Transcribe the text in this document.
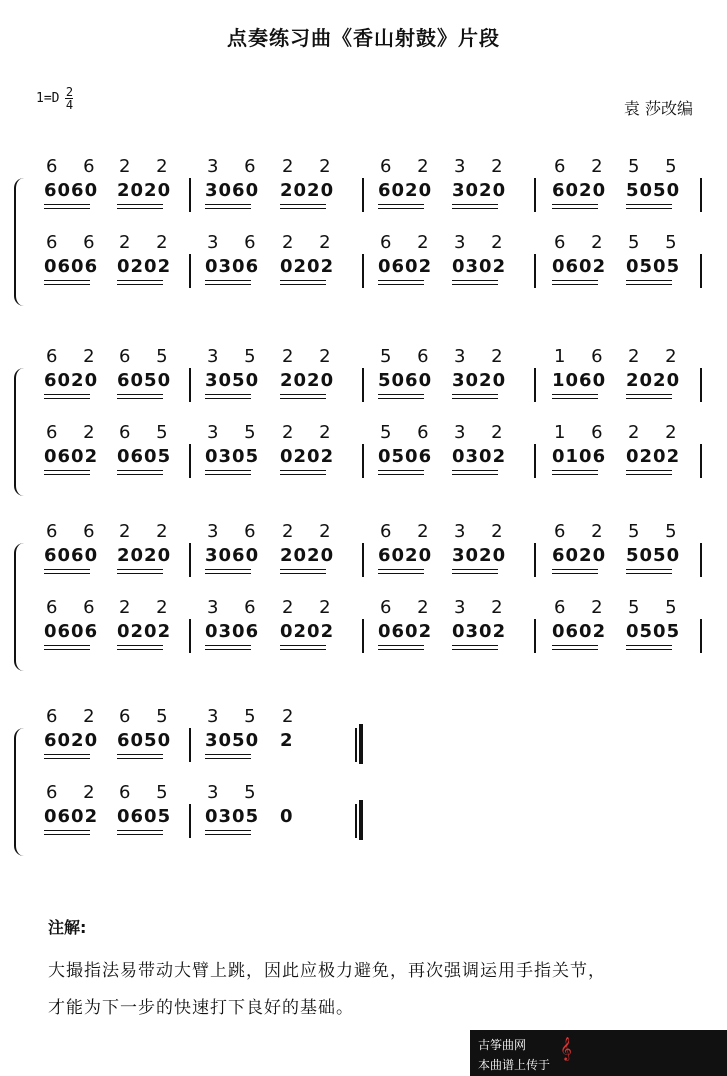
点奏练习曲《香山射鼓》片段
$1=D \frac{2}{4}$	袁 莎改编
6 6
6060
2 2
2020
3 6
3060
2 2
2020
6 2
6020
3 2
3020
6 2
6020
5 5
5050
6 6
0606
2 2
0202
3 6
0306
2 2
0202
6 2
0602
3 2
0302
6 2
0602
5 5
0505
6 2
6020
6 5
6050
3 5
3050
2 2
2020
5 6
5060
3 2
3020
1 6
1060
2 2
2020
6 2
0602
6 5
0605
3 5
0305
2 2
0202
5 6
0506
3 2
0302
1 6
0106
2 2
0202
6 6
6060
2 2
2020
3 6
3060
2 2
2020
6 2
6020
3 2
3020
6 2
6020
5 5
5050
6 6
0606
2 2
0202
3 6
0306
2 2
0202
6 2
0602
3 2
0302
6 2
0602
5 5
0505
6 2
6020
6 5
6050
3 5
3050
2
2
6 2
0602
6 5
0605
3 5
0305 0
注解:
大撮指法易带动大臂上跳，因此应极力避免，再次强调运用手指关节，
才能为下一步的快速打下良好的基础。
古筝曲网 𝄞
本曲谱上传于
